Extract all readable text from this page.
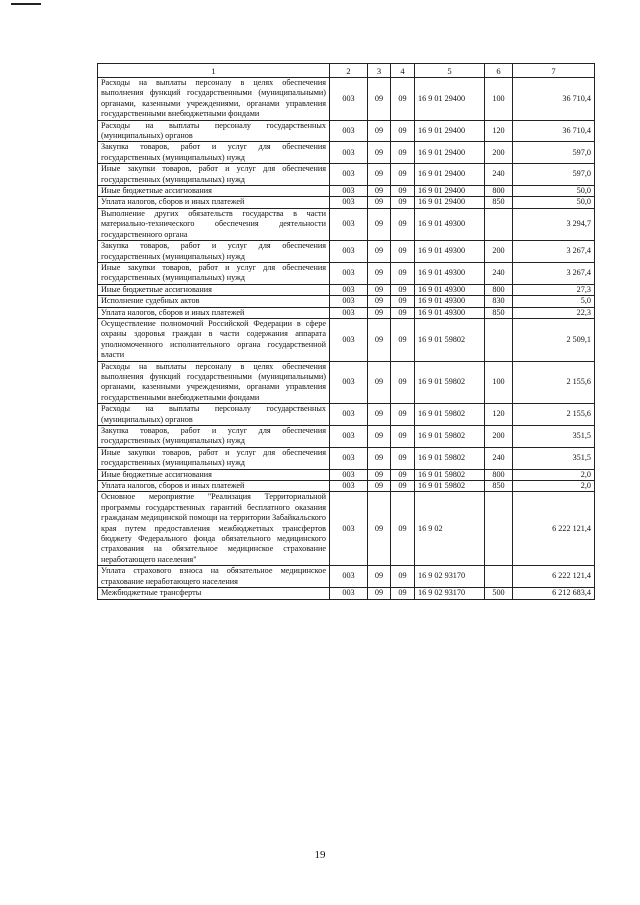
1	2	3	4	5	6	7
Расходы на выплаты персоналу в целях обеспечения выполнения функций государственными (муниципальными) органами, казенными учреждениями, органами управления государственными внебюджетными фондами	003	09	09	16 9 01 29400	100	36 710,4
Расходы на выплаты персоналу государственных (муниципальных) органов	003	09	09	16 9 01 29400	120	36 710,4
Закупка товаров, работ и услуг для обеспечения государственных (муниципальных) нужд	003	09	09	16 9 01 29400	200	597,0
Иные закупки товаров, работ и услуг для обеспечения государственных (муниципальных) нужд	003	09	09	16 9 01 29400	240	597,0
Иные бюджетные ассигнования	003	09	09	16 9 01 29400	800	50,0
Уплата налогов, сборов и иных платежей	003	09	09	16 9 01 29400	850	50,0
Выполнение других обязательств государства в части материально-технического обеспечения деятельности государственного органа	003	09	09	16 9 01 49300		3 294,7
Закупка товаров, работ и услуг для обеспечения государственных (муниципальных) нужд	003	09	09	16 9 01 49300	200	3 267,4
Иные закупки товаров, работ и услуг для обеспечения государственных (муниципальных) нужд	003	09	09	16 9 01 49300	240	3 267,4
Иные бюджетные ассигнования	003	09	09	16 9 01 49300	800	27,3
Исполнение судебных актов	003	09	09	16 9 01 49300	830	5,0
Уплата налогов, сборов и иных платежей	003	09	09	16 9 01 49300	850	22,3
Осуществление полномочий Российской Федерации в сфере охраны здоровья граждан в части содержания аппарата уполномоченного исполнительного органа государственной власти	003	09	09	16 9 01 59802		2 509,1
Расходы на выплаты персоналу в целях обеспечения выполнения функций государственными (муниципальными) органами, казенными учреждениями, органами управления государственными внебюджетными фондами	003	09	09	16 9 01 59802	100	2 155,6
Расходы на выплаты персоналу государственных (муниципальных) органов	003	09	09	16 9 01 59802	120	2 155,6
Закупка товаров, работ и услуг для обеспечения государственных (муниципальных) нужд	003	09	09	16 9 01 59802	200	351,5
Иные закупки товаров, работ и услуг для обеспечения государственных (муниципальных) нужд	003	09	09	16 9 01 59802	240	351,5
Иные бюджетные ассигнования	003	09	09	16 9 01 59802	800	2,0
Уплата налогов, сборов и иных платежей	003	09	09	16 9 01 59802	850	2,0
Основное мероприятие "Реализация Территориальной программы государственных гарантий бесплатного оказания гражданам медицинской помощи на территории Забайкальского края путем предоставления межбюджетных трансфертов бюджету Федерального фонда обязательного медицинского страхования на обязательное медицинское страхование неработающего населения"	003	09	09	16 9 02		6 222 121,4
Уплата страхового взноса на обязательное медицинское страхование неработающего населения	003	09	09	16 9 02 93170		6 222 121,4
Межбюджетные трансферты	003	09	09	16 9 02 93170	500	6 212 683,4
19
